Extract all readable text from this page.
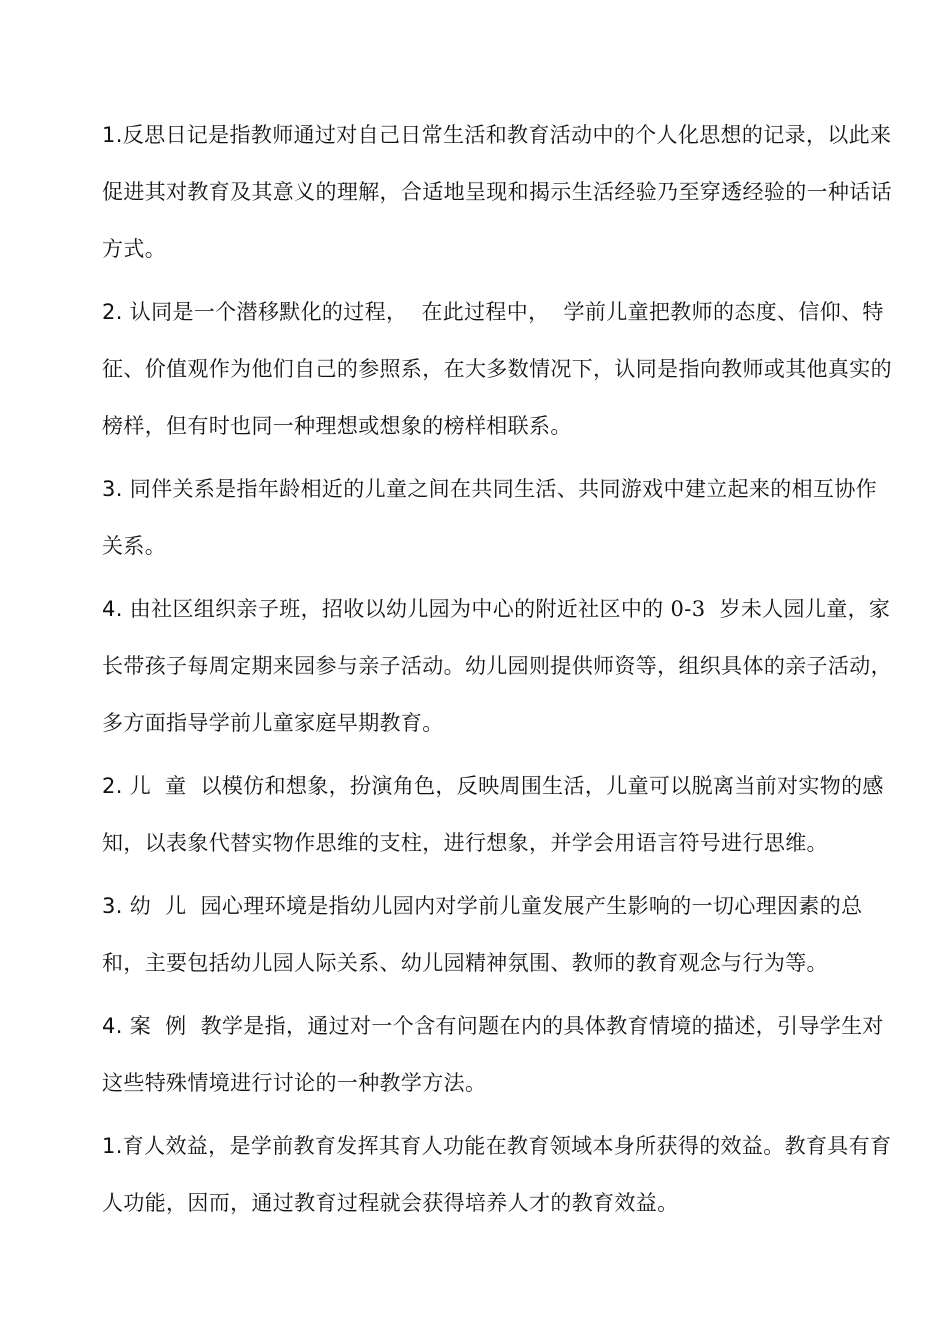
1.反思日记是指教师通过对自己日常生活和教育活动中的个人化思想的记录，以此来促进其对教育及其意义的理解，合适地呈现和揭示生活经验乃至穿透经验的一种话话方式。

2. 认同是一个潜移默化的过程，  在此过程中，  学前儿童把教师的态度、信仰、特征、价值观作为他们自己的参照系，在大多数情况下，认同是指向教师或其他真实的榜样，但有时也同一种理想或想象的榜样相联系。

3. 同伴关系是指年龄相近的儿童之间在共同生活、共同游戏中建立起来的相互协作关系。

4. 由社区组织亲子班，招收以幼儿园为中心的附近社区中的 0-3  岁未人园儿童，家长带孩子每周定期来园参与亲子活动。幼儿园则提供师资等，组织具体的亲子活动，多方面指导学前儿童家庭早期教育。

2. 儿  童  以模仿和想象，扮演角色，反映周围生活，儿童可以脱离当前对实物的感知，以表象代替实物作思维的支柱，进行想象，并学会用语言符号进行思维。

3. 幼  儿  园心理环境是指幼儿园内对学前儿童发展产生影响的一切心理因素的总和，主要包括幼儿园人际关系、幼儿园精神氛围、教师的教育观念与行为等。

4. 案  例  教学是指，通过对一个含有问题在内的具体教育情境的描述，引导学生对这些特殊情境进行讨论的一种教学方法。

1.育人效益，是学前教育发挥其育人功能在教育领域本身所获得的效益。教育具有育人功能，因而，通过教育过程就会获得培养人才的教育效益。
